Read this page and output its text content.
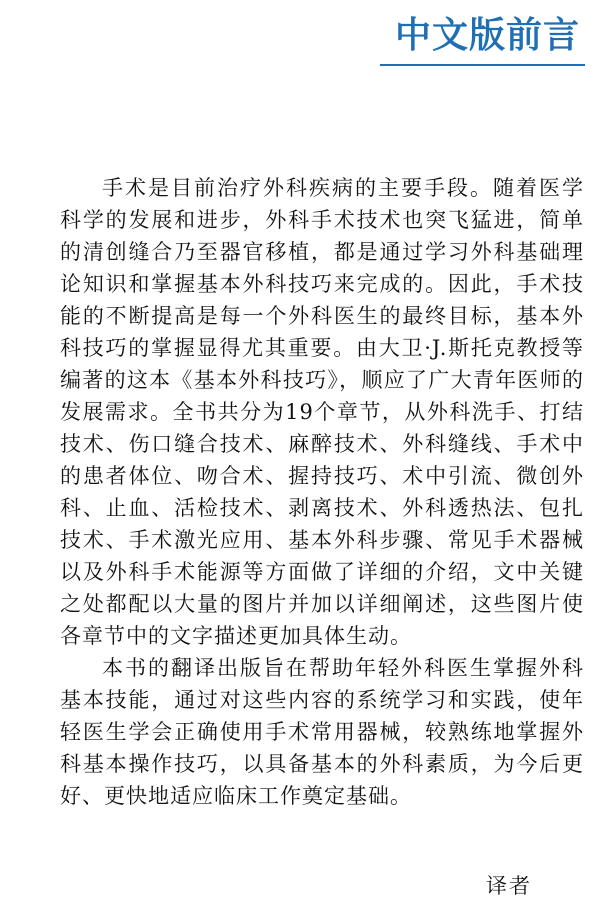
中文版前言

手术是目前治疗外科疾病的主要手段。随着医学科学的发展和进步，外科手术技术也突飞猛进，简单的清创缝合乃至器官移植，都是通过学习外科基础理论知识和掌握基本外科技巧来完成的。因此，手术技能的不断提高是每一个外科医生的最终目标，基本外科技巧的掌握显得尤其重要。由大卫·J.斯托克教授等编著的这本《基本外科技巧》，顺应了广大青年医师的发展需求。全书共分为19个章节，从外科洗手、打结技术、伤口缝合技术、麻醉技术、外科缝线、手术中的患者体位、吻合术、握持技巧、术中引流、微创外科、止血、活检技术、剥离技术、外科透热法、包扎技术、手术激光应用、基本外科步骤、常见手术器械以及外科手术能源等方面做了详细的介绍，文中关键之处都配以大量的图片并加以详细阐述，这些图片使各章节中的文字描述更加具体生动。

本书的翻译出版旨在帮助年轻外科医生掌握外科基本技能，通过对这些内容的系统学习和实践，使年轻医生学会正确使用手术常用器械，较熟练地掌握外科基本操作技巧，以具备基本的外科素质，为今后更好、更快地适应临床工作奠定基础。

译者
